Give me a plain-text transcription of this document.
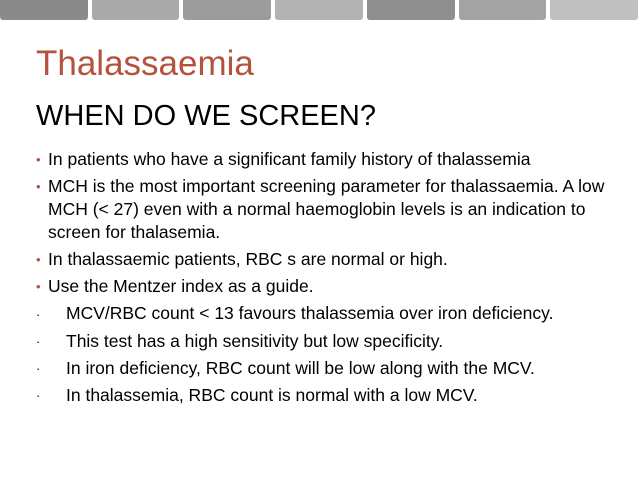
Thalassaemia
WHEN DO WE SCREEN?
• In patients who have a significant family history of thalassemia
• MCH is the most important screening parameter for thalassaemia. A low MCH (< 27) even with a normal haemoglobin levels is an indication to screen for thalasemia.
• In thalassaemic patients, RBC s are normal or high.
• Use the Mentzer index as a guide.
· MCV/RBC count < 13 favours thalassemia over iron deficiency.
·	This test has a high sensitivity but low specificity.
·	In iron deficiency, RBC count will be low along with the MCV.
·	In thalassemia, RBC count is normal with a low MCV.
